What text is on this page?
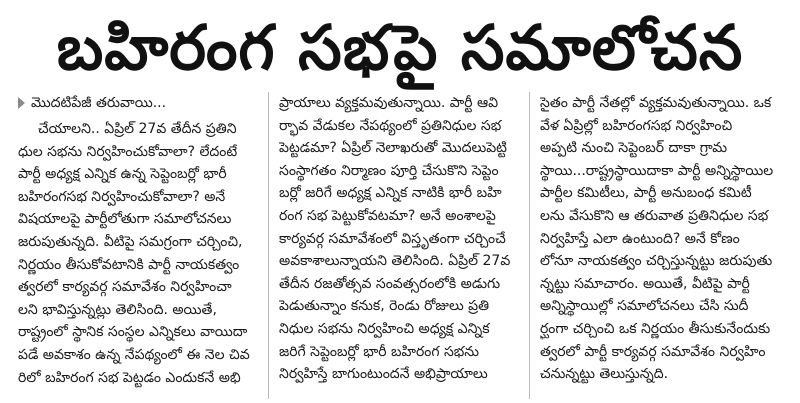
బహిరంగ సభపై సమాలోచన
మొదటిపేజీ తరువాయి...
చేయాలని.. ఏప్రిల్ 27వ తేదీన ప్రతిని
ధుల సభను నిర్వహించుకోవాలా? లేదంటే
పార్టీ అధ్యక్ష ఎన్నిక ఉన్న సెప్టెంబర్లో భారీ
బహిరంగసభ నిర్వహించుకోవాలా? అనే
విషయాలపై పార్టీలోతుగా సమాలోచనలు
జరుపుతున్నది. వీటిపై సమగ్రంగా చర్చించి,
నిర్ణయం తీసుకోవటానికి పార్టీ నాయకత్వం
త్వరలో కార్యవర్గ సమావేశం నిర్వహించా
లని భావిస్తున్నట్లు తెలిసింది. అయితే,
రాష్ట్రంలో స్థానిక సంస్థల ఎన్నికలు వాయిదా
పడే అవకాశం ఉన్న నేపథ్యంలో ఈ నెల చివ
రిలో బహిరంగ సభ పెట్టడం ఎందుకనే అభి
ప్రాయాలు వ్యక్తమవుతున్నాయి. పార్టీ ఆవి
ర్భావ వేడుకల నేపథ్యంలో ప్రతినిధుల సభ
పెట్టడమా? ఏప్రిల్ నెలాఖరుతో మొదలుపెట్టి
సంస్థాగతం నిర్మాణం పూర్తి చేసుకొని సెప్టెం
బర్లో జరిగే అధ్యక్ష ఎన్నిక నాటికి భారీ బహి
రంగ సభ పెట్టుకోవటమా? అనే అంశాలపై
కార్యవర్గ సమావేశంలో విస్తృతంగా చర్చించే
అవకాశాలున్నాయని తెలిసింది. ఏప్రిల్ 27వ
తేదీన రజతోత్సవ సంవత్సరంలోకి అడుగు
పెడుతున్నాం కనుక, రెండు రోజులు ప్రతి
నిధుల సభను నిర్వహించి అధ్యక్ష ఎన్నిక
జరిగే సెప్టెంబర్లో భారీ బహిరంగ సభను
నిర్వహిస్తే బాగుంటుందనే అభిప్రాయాలు
సైతం పార్టీ నేతల్లో వ్యక్తమవుతున్నాయి. ఒక
వేళ ఏప్రిల్లో బహిరంగసభ నిర్వహించి
అప్పటి నుంచి సెప్టెంబర్ దాకా గ్రామ
స్థాయి...రాష్ట్రస్థాయిదాకా పార్టీ అన్నిస్థాయిల
పార్టీల కమిటీలు, పార్టీ అనుబంధ కమిటీ
లను వేసుకొని ఆ తరువాత ప్రతినిధుల సభ
నిర్వహిస్తే ఎలా ఉంటుంది? అనే కోణం
లోనూ నాయకత్వం చర్చిస్తున్నట్టు జరుపుతు
న్నట్టు సమాచారం. అయితే, వీటిపై పార్టీ
అన్నిస్థాయిల్లో సమాలోచనలు చేసి సుదీ
ర్ఘంగా చర్చించి ఒక నిర్ణయం తీసుకునేందుకు
త్వరలో పార్టీ కార్యవర్గ సమావేశం నిర్వహిం
చనున్నట్టు తెలుస్తున్నది.
